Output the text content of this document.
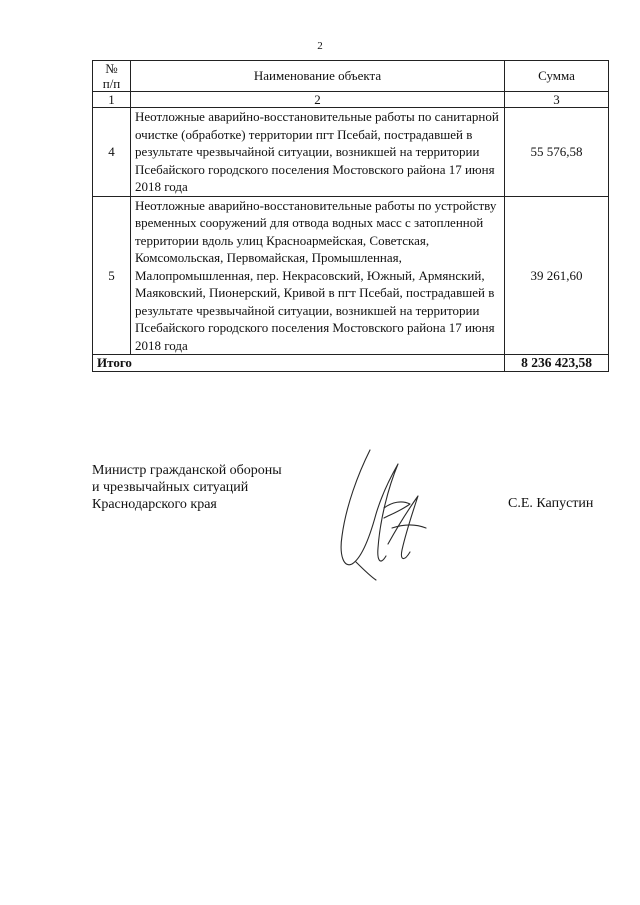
2
№
п/п	Наименование объекта	Сумма
1	2	3
4	Неотложные аварийно-восстановительные работы по санитарной очистке (обработке) территории пгт Псебай, пострадавшей в результате чрезвычайной ситуации, возникшей на территории Псебайского городского поселения Мостовского района 17 июня 2018 года	55 576,58
5	Неотложные аварийно-восстановительные работы по устройству временных сооружений для отвода водных масс с затопленной территории вдоль улиц Красноармейская, Советская, Комсомольская, Первомайская, Промышленная, Малопромышленная, пер. Некрасовский, Южный, Армянский, Маяковский, Пионерский, Кривой в пгт Псебай, пострадавшей в результате чрезвычайной ситуации, возникшей на территории Псебайского городского поселения Мостовского района 17 июня 2018 года	39 261,60
Итого		8 236 423,58
Министр гражданской обороны
и чрезвычайных ситуаций
Краснодарского края	С.Е. Капустин
